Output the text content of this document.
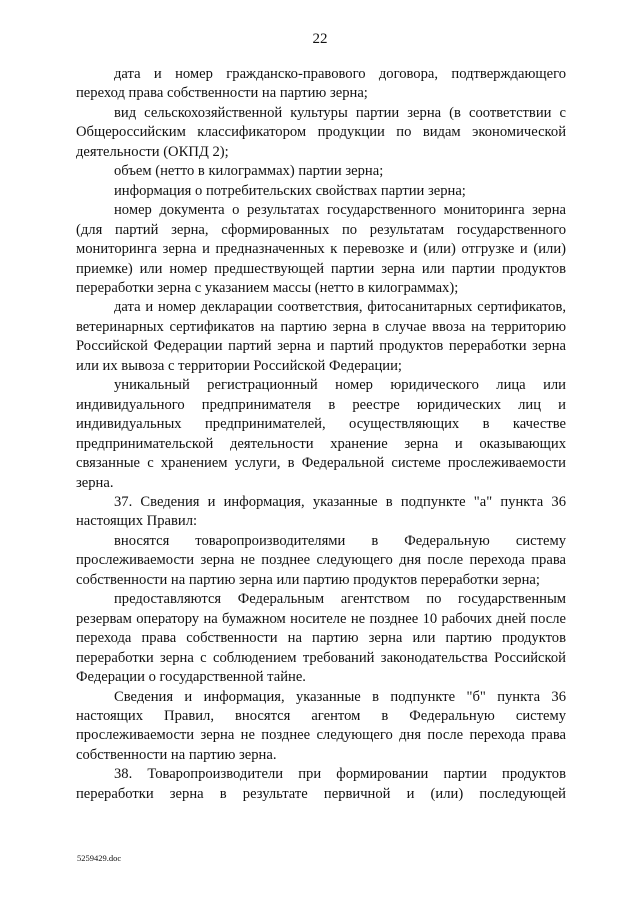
22

дата и номер гражданско-правового договора, подтверждающего переход права собственности на партию зерна;

вид сельскохозяйственной культуры партии зерна (в соответствии с Общероссийским классификатором продукции по видам экономической деятельности (ОКПД 2);

объем (нетто в килограммах) партии зерна;

информация о потребительских свойствах партии зерна;

номер документа о результатах государственного мониторинга зерна (для партий зерна, сформированных по результатам государственного мониторинга зерна и предназначенных к перевозке и (или) отгрузке и (или) приемке) или номер предшествующей партии зерна или партии продуктов переработки зерна с указанием массы (нетто в килограммах);

дата и номер декларации соответствия, фитосанитарных сертификатов, ветеринарных сертификатов на партию зерна в случае ввоза на территорию Российской Федерации партий зерна и партий продуктов переработки зерна или их вывоза с территории Российской Федерации;

уникальный регистрационный номер юридического лица или индивидуального предпринимателя в реестре юридических лиц и индивидуальных предпринимателей, осуществляющих в качестве предпринимательской деятельности хранение зерна и оказывающих связанные с хранением услуги, в Федеральной системе прослеживаемости зерна.

37. Сведения и информация, указанные в подпункте "а" пункта 36 настоящих Правил:

вносятся товаропроизводителями в Федеральную систему прослеживаемости зерна не позднее следующего дня после перехода права собственности на партию зерна или партию продуктов переработки зерна;

предоставляются Федеральным агентством по государственным резервам оператору на бумажном носителе не позднее 10 рабочих дней после перехода права собственности на партию зерна или партию продуктов переработки зерна с соблюдением требований законодательства Российской Федерации о государственной тайне.

Сведения и информация, указанные в подпункте "б" пункта 36 настоящих Правил, вносятся агентом в Федеральную систему прослеживаемости зерна не позднее следующего дня после перехода права собственности на партию зерна.

38. Товаропроизводители при формировании партии продуктов переработки зерна в результате первичной и (или) последующей

5259429.doc
